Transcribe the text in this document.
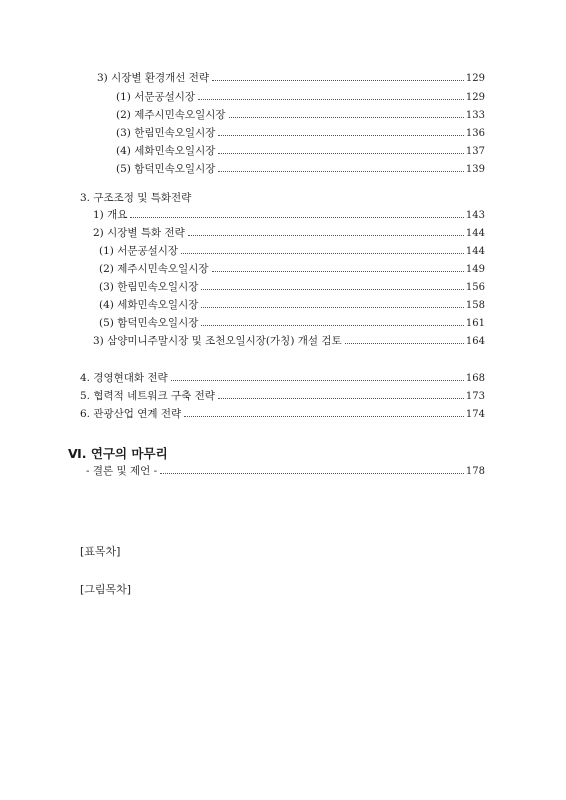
3) 시장별 환경개선 전략	129
(1) 서문공설시장	129
(2) 제주시민속오일시장	133
(3) 한림민속오일시장	136
(4) 세화민속오일시장	137
(5) 함덕민속오일시장	139
3. 구조조정 및 특화전략
1) 개요	143
2) 시장별 특화 전략	144
(1) 서문공설시장	144
(2) 제주시민속오일시장	149
(3) 한림민속오일시장	156
(4) 세화민속오일시장	158
(5) 함덕민속오일시장	161
3) 삼양미니주말시장 및 조천오일시장(가칭) 개설 검토	164
4. 경영현대화 전략	168
5. 협력적 네트워크 구축 전략	173
6. 관광산업 연계 전략	174
Ⅵ. 연구의 마무리
- 결론 및 제언 -	178
[표목차]
[그림목차]
